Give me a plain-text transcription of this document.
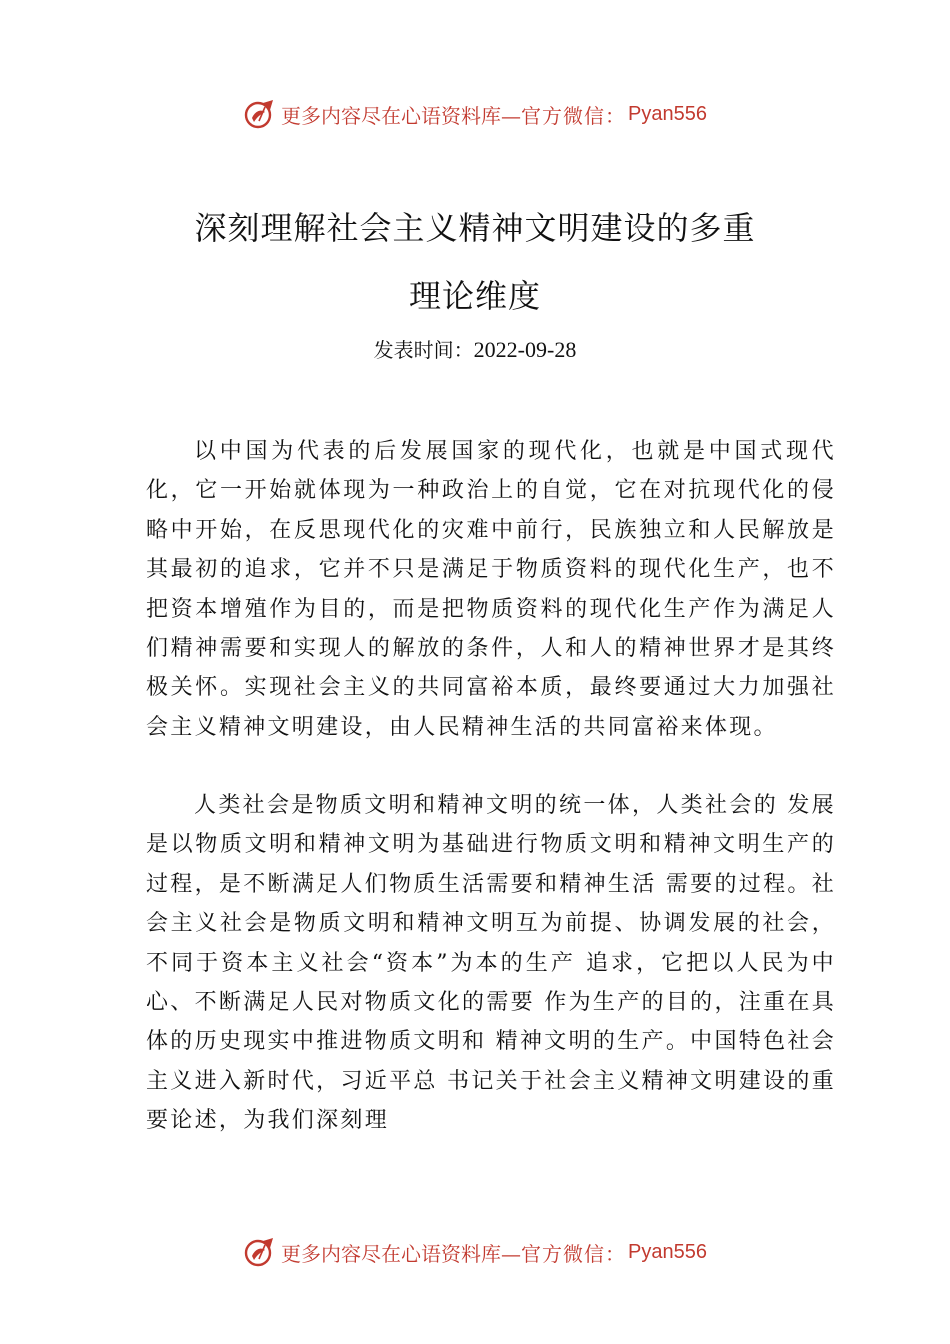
更多内容尽在心语资料库— 官方微信： Pyan556
深刻理解社会主义精神文明建设的多重
理论维度
发表时间：2022-09-28
以中国为代表的后发展国家的现代化，也就是中国式现代化，它一开始就体现为一种政治上的自觉，它在对抗现代化的侵略中开始，在反思现代化的灾难中前行，民族独立和人民解放是其最初的追求，它并不只是满足于物质资料的现代化生产，也不把资本增殖作为目的，而是把物质资料的现代化生产作为满足人们精神需要和实现人的解放的条件，人和人的精神世界才是其终极关怀。实现社会主义的共同富裕本质，最终要通过大力加强社会主义精神文明建设，由人民精神生活的共同富裕来体现。
人类社会是物质文明和精神文明的统一体，人类社会的 发展是以物质文明和精神文明为基础进行物质文明和精神文明生产的过程，是不断满足人们物质生活需要和精神生活 需要的过程。社会主义社会是物质文明和精神文明互为前提、协调发展的社会，不同于资本主义社会“资本”为本的生产 追求，它把以人民为中心、不断满足人民对物质文化的需要 作为生产的目的，注重在具体的历史现实中推进物质文明和 精神文明的生产。中国特色社会主义进入新时代，习近平总 书记关于社会主义精神文明建设的重要论述，为我们深刻理
更多内容尽在心语资料库— 官方微信： Pyan556
